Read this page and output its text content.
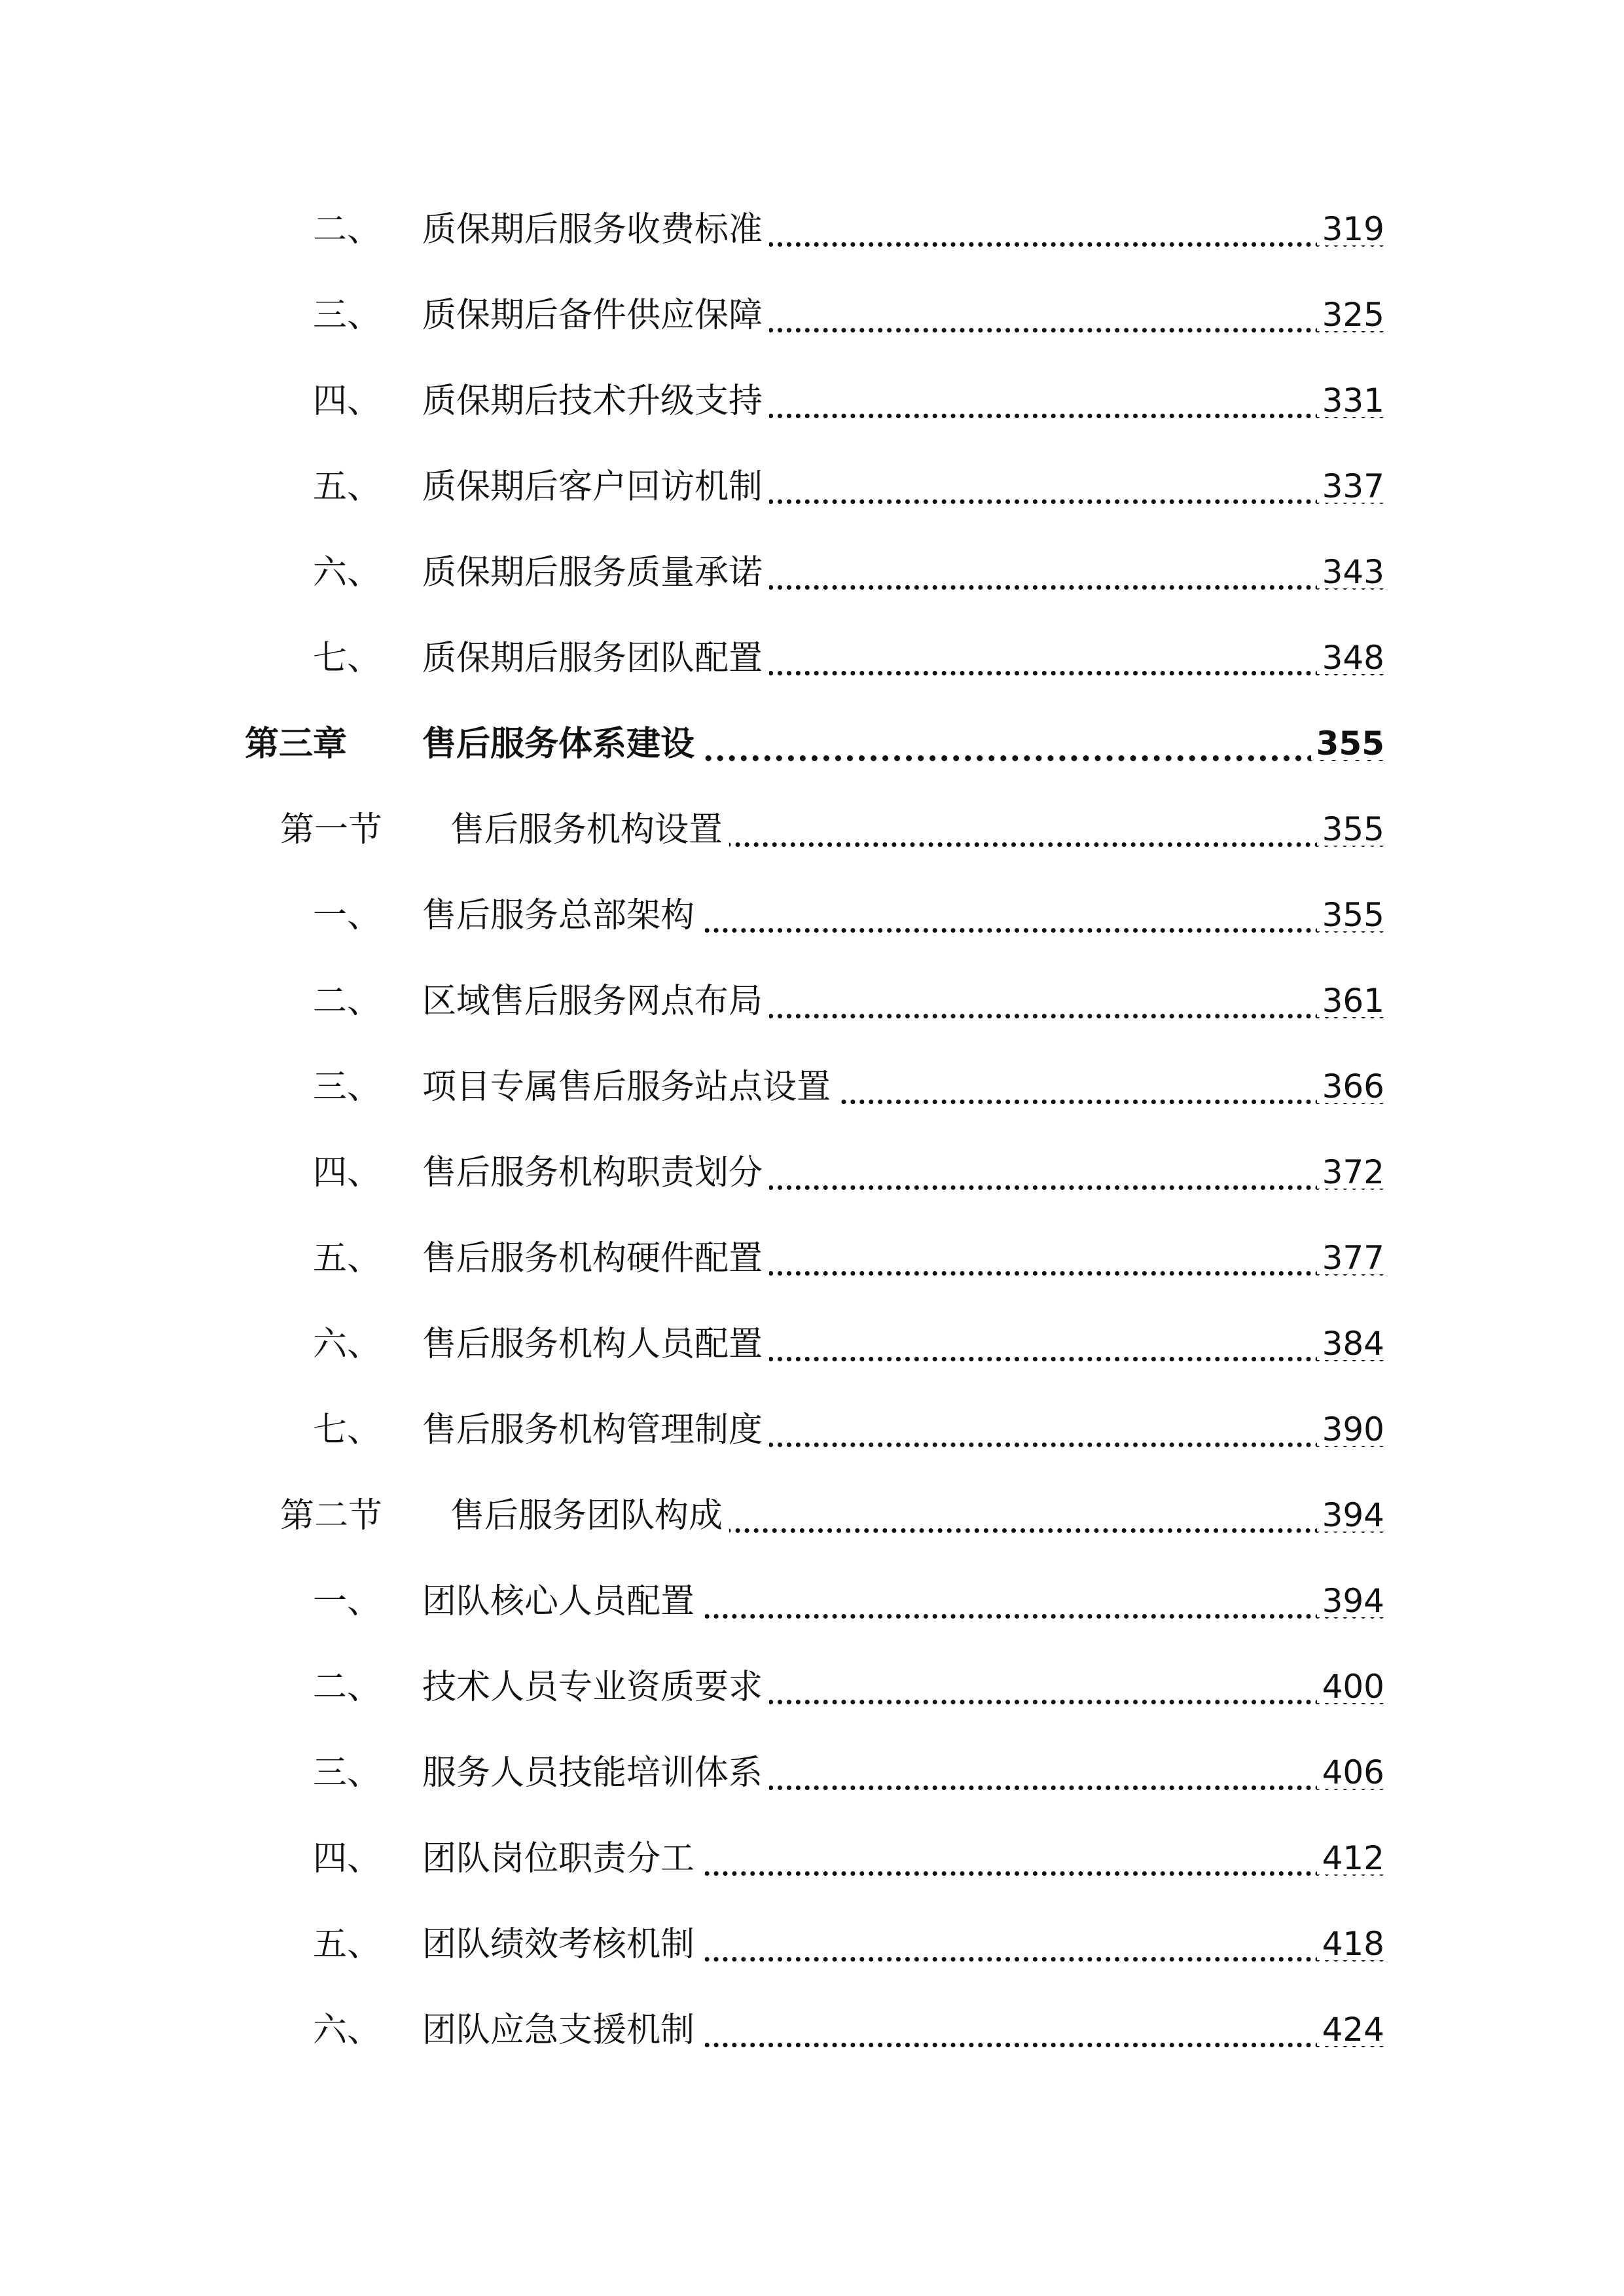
二、 质保期后服务收费标准	319
三、 质保期后备件供应保障	325
四、 质保期后技术升级支持	331
五、 质保期后客户回访机制	337
六、 质保期后服务质量承诺	343
七、 质保期后服务团队配置	348
第三章 售后服务体系建设	355
第一节 售后服务机构设置	355
一、 售后服务总部架构	355
二、 区域售后服务网点布局	361
三、 项目专属售后服务站点设置	366
四、 售后服务机构职责划分	372
五、 售后服务机构硬件配置	377
六、 售后服务机构人员配置	384
七、 售后服务机构管理制度	390
第二节 售后服务团队构成	394
一、 团队核心人员配置	394
二、 技术人员专业资质要求	400
三、 服务人员技能培训体系	406
四、 团队岗位职责分工	412
五、 团队绩效考核机制	418
六、 团队应急支援机制	424
